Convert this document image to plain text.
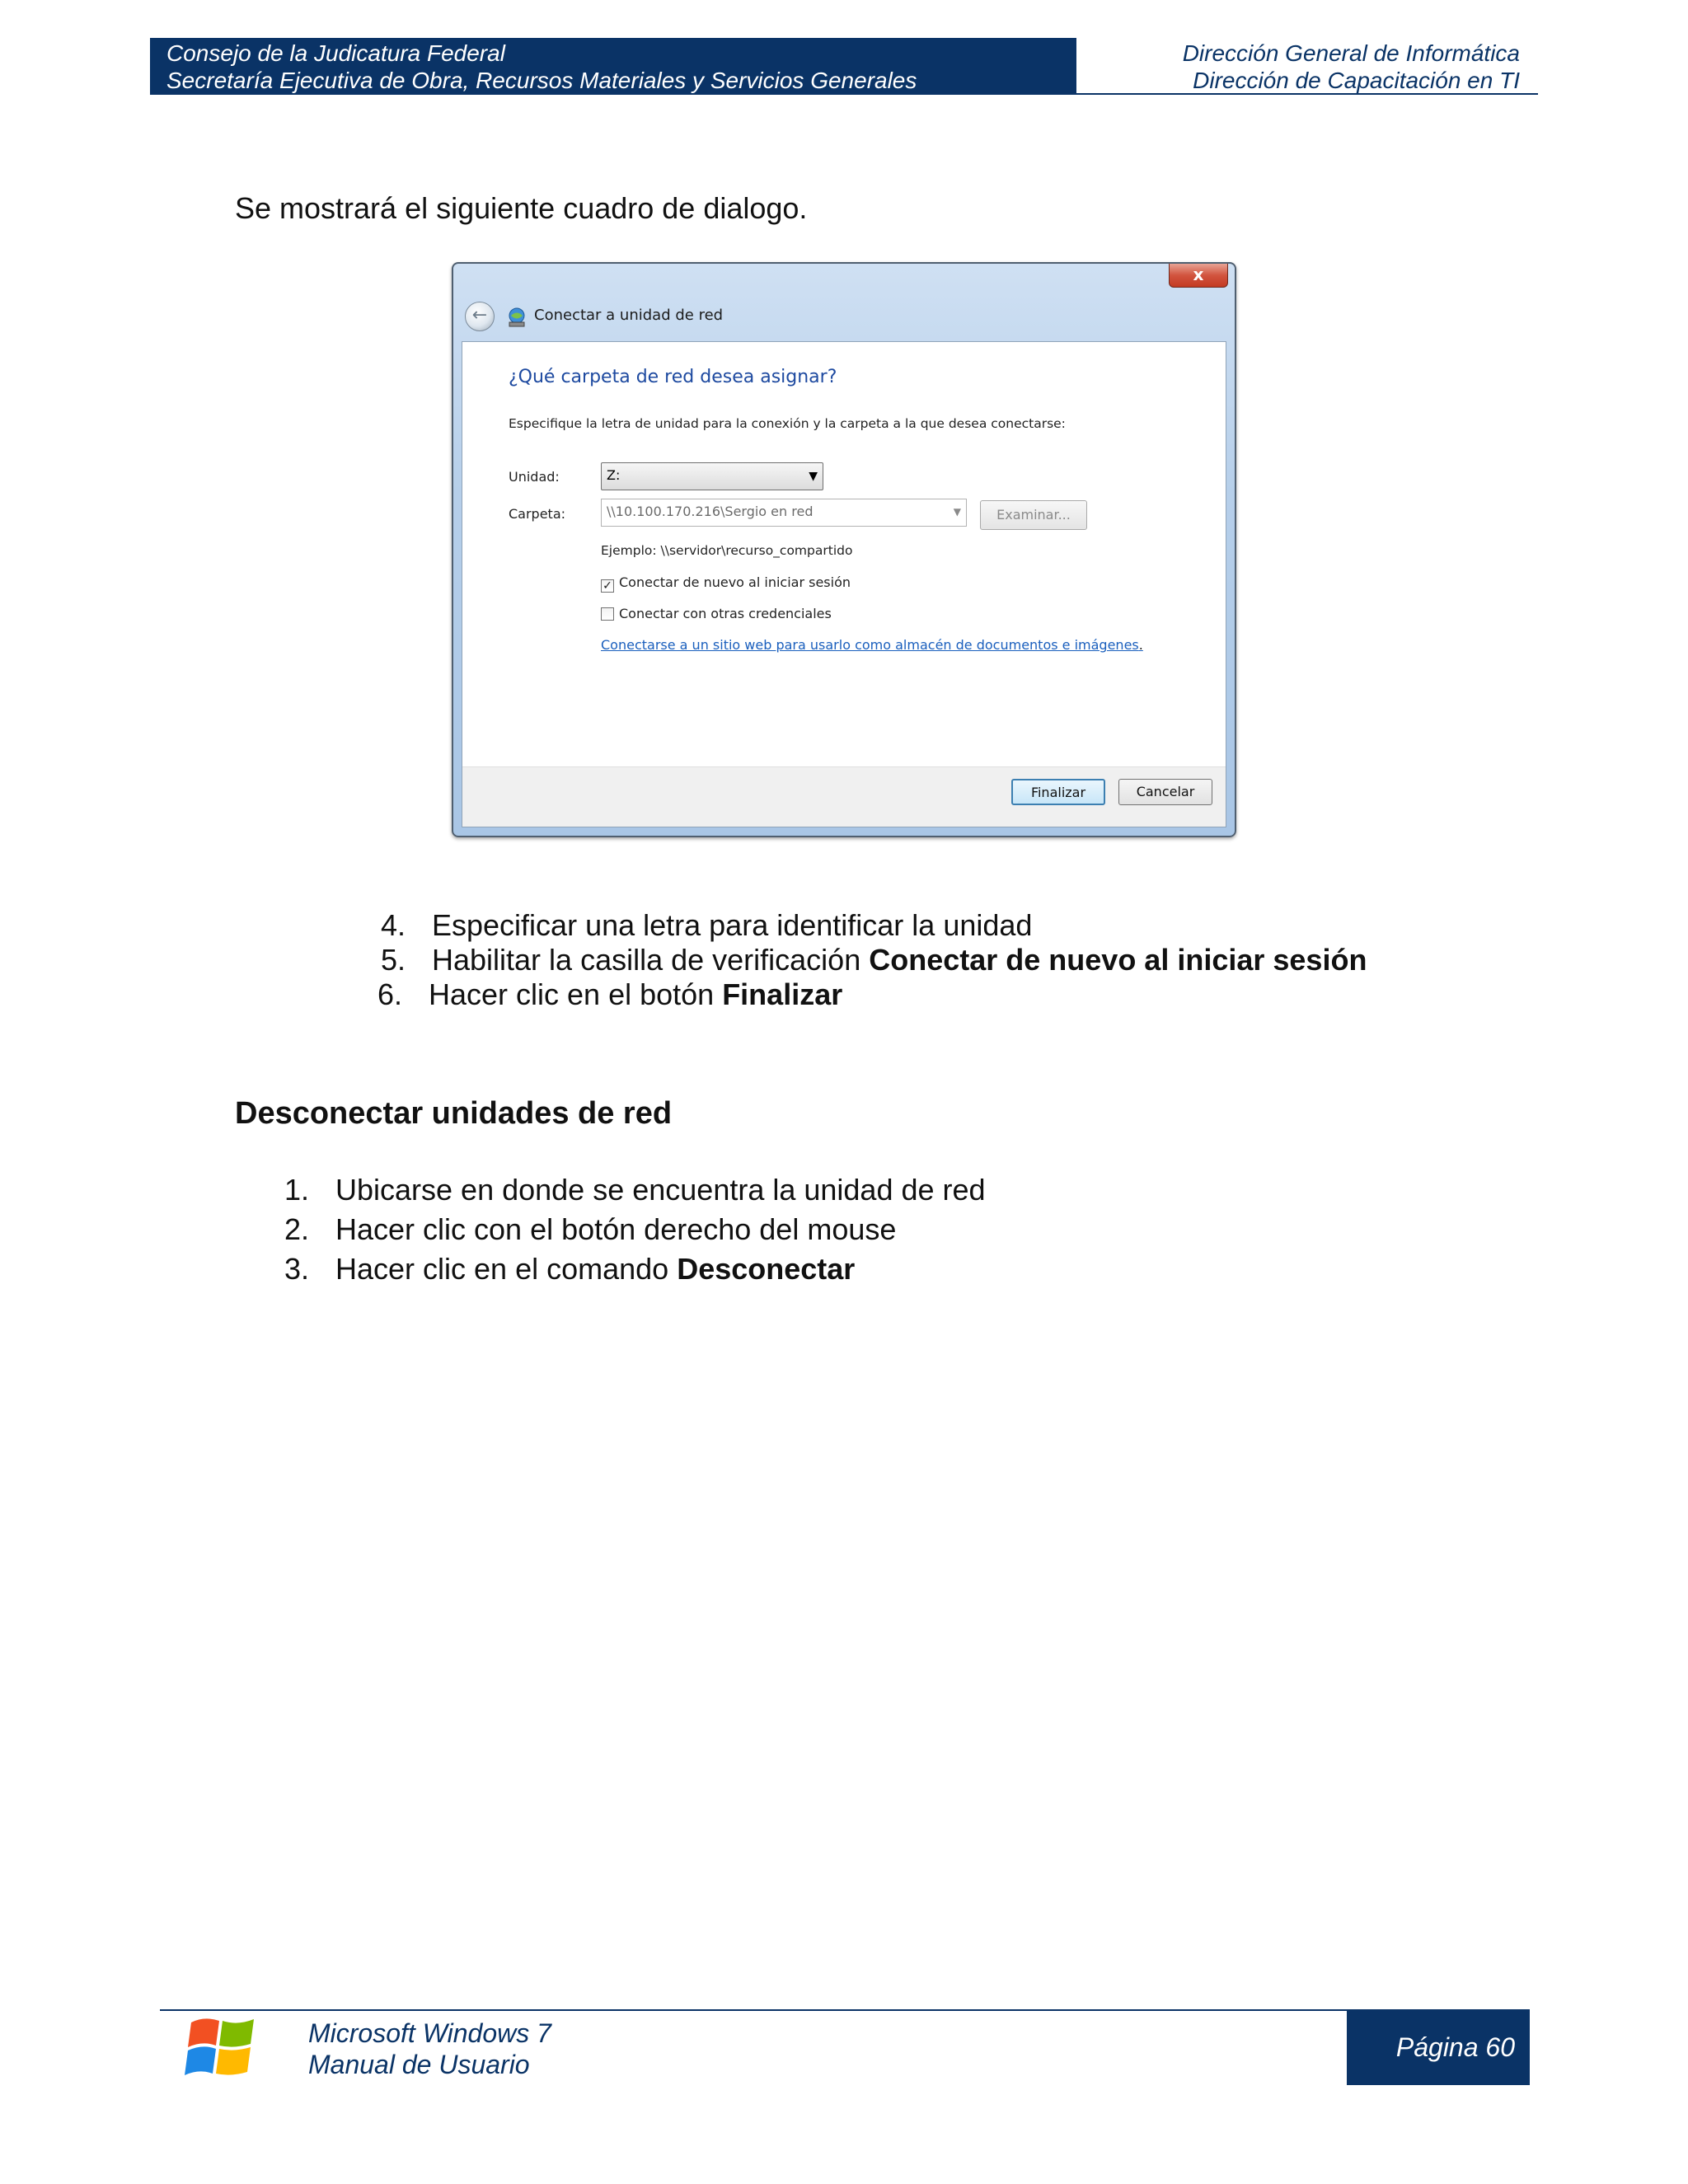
Consejo de la Judicatura Federal
Secretaría Ejecutiva de Obra, Recursos Materiales y Servicios Generales
Dirección General de Informática
Dirección de Capacitación en TI
Se mostrará el siguiente cuadro de dialogo.
x
←	Conectar a unidad de red
¿Qué carpeta de red desea asignar?
Especifique la letra de unidad para la conexión y la carpeta a la que desea conectarse:
Unidad:	Z:	▼
Carpeta:	\\10.100.170.216\Sergio en red	▼	Examinar...
Ejemplo: \\servidor\recurso_compartido
✓ Conectar de nuevo al iniciar sesión
Conectar con otras credenciales
Conectarse a un sitio web para usarlo como almacén de documentos e imágenes.
Finalizar	Cancelar
4. Especificar una letra para identificar la unidad
5. Habilitar la casilla de verificación Conectar de nuevo al iniciar sesión
6. Hacer clic en el botón Finalizar
Desconectar unidades de red
1. Ubicarse en donde se encuentra la unidad de red
2. Hacer clic con el botón derecho del mouse
3. Hacer clic en el comando Desconectar
Microsoft Windows 7
Manual de Usuario
Página 60
